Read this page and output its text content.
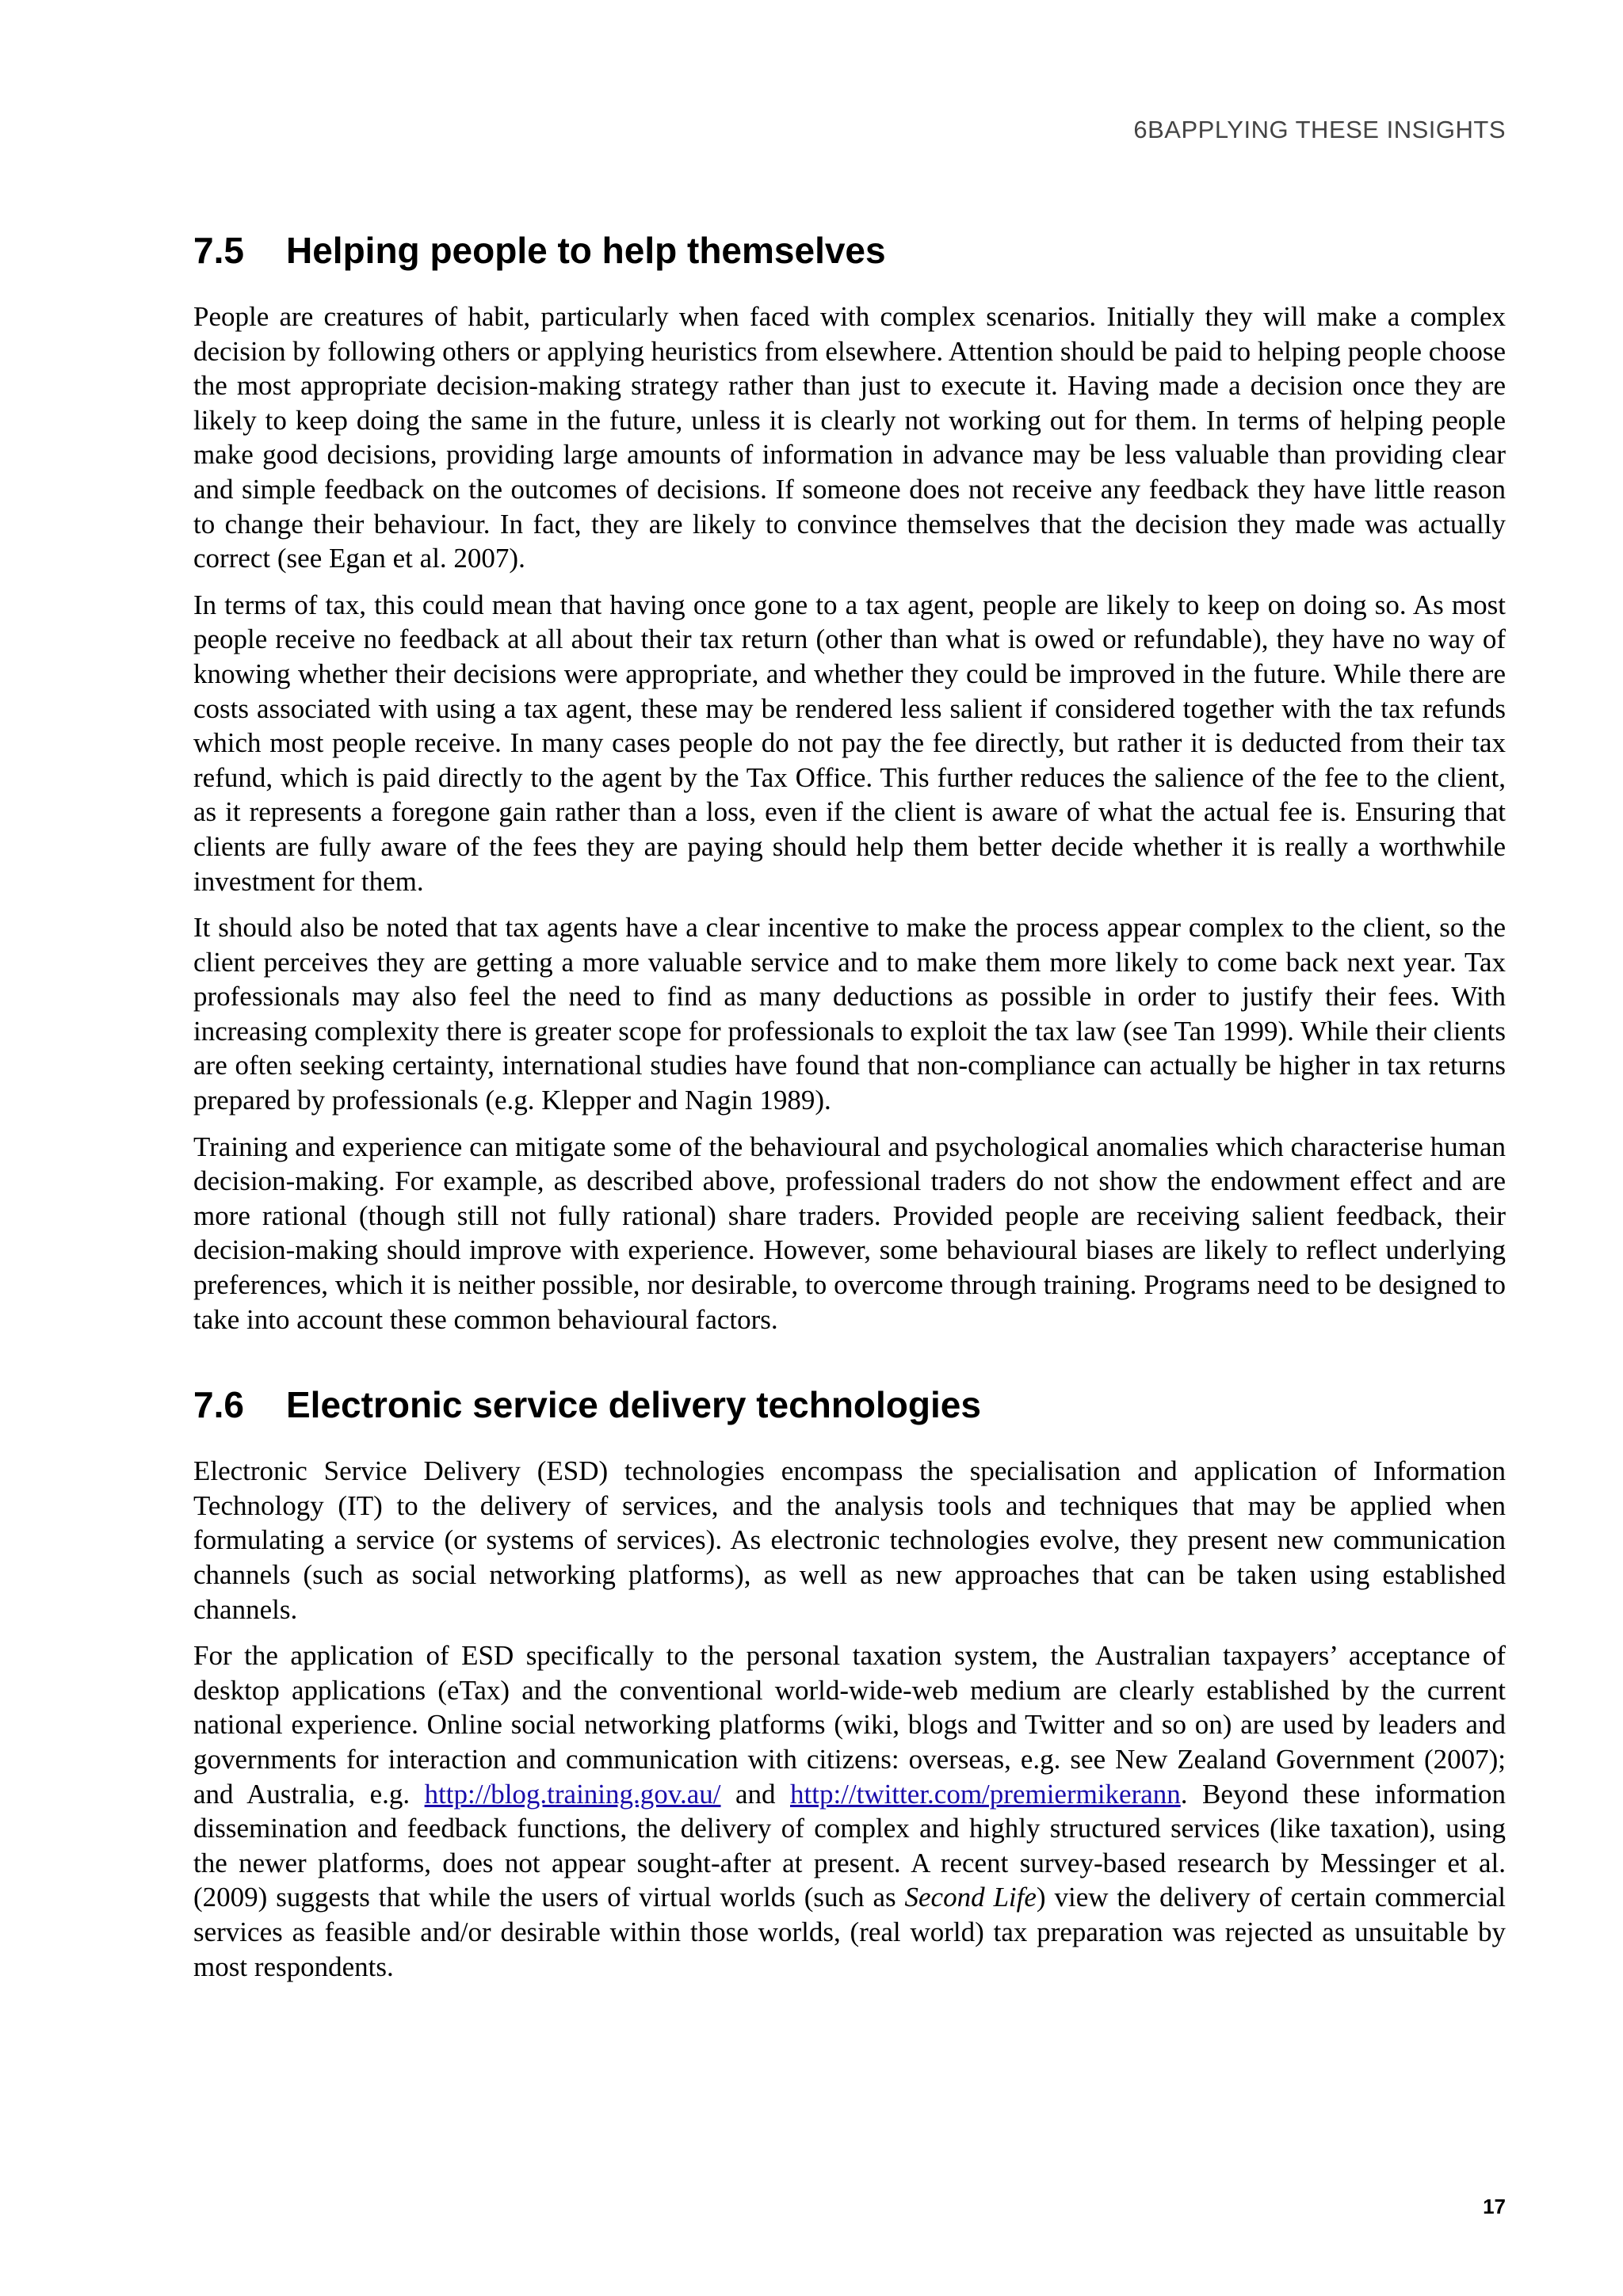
6BAPPLYING THESE INSIGHTS
7.5	Helping people to help themselves

People are creatures of habit, particularly when faced with complex scenarios. Initially they will make a complex decision by following others or applying heuristics from elsewhere. Attention should be paid to helping people choose the most appropriate decision-making strategy rather than just to execute it. Having made a decision once they are likely to keep doing the same in the future, unless it is clearly not working out for them. In terms of helping people make good decisions, providing large amounts of information in advance may be less valuable than providing clear and simple feedback on the outcomes of decisions. If someone does not receive any feedback they have little reason to change their behaviour. In fact, they are likely to convince themselves that the decision they made was actually correct (see Egan et al. 2007).

In terms of tax, this could mean that having once gone to a tax agent, people are likely to keep on doing so. As most people receive no feedback at all about their tax return (other than what is owed or refundable), they have no way of knowing whether their decisions were appropriate, and whether they could be improved in the future. While there are costs associated with using a tax agent, these may be rendered less salient if considered together with the tax refunds which most people receive. In many cases people do not pay the fee directly, but rather it is deducted from their tax refund, which is paid directly to the agent by the Tax Office. This further reduces the salience of the fee to the client, as it represents a foregone gain rather than a loss, even if the client is aware of what the actual fee is. Ensuring that clients are fully aware of the fees they are paying should help them better decide whether it is really a worthwhile investment for them.

It should also be noted that tax agents have a clear incentive to make the process appear complex to the client, so the client perceives they are getting a more valuable service and to make them more likely to come back next year. Tax professionals may also feel the need to find as many deductions as possible in order to justify their fees. With increasing complexity there is greater scope for professionals to exploit the tax law (see Tan 1999). While their clients are often seeking certainty, international studies have found that non-compliance can actually be higher in tax returns prepared by professionals (e.g. Klepper and Nagin 1989).

Training and experience can mitigate some of the behavioural and psychological anomalies which characterise human decision-making. For example, as described above, professional traders do not show the endowment effect and are more rational (though still not fully rational) share traders. Provided people are receiving salient feedback, their decision-making should improve with experience. However, some behavioural biases are likely to reflect underlying preferences, which it is neither possible, nor desirable, to overcome through training. Programs need to be designed to take into account these common behavioural factors.

7.6	Electronic service delivery technologies

Electronic Service Delivery (ESD) technologies encompass the specialisation and application of Information Technology (IT) to the delivery of services, and the analysis tools and techniques that may be applied when formulating a service (or systems of services). As electronic technologies evolve, they present new communication channels (such as social networking platforms), as well as new approaches that can be taken using established channels.

For the application of ESD specifically to the personal taxation system, the Australian taxpayers’ acceptance of desktop applications (eTax) and the conventional world-wide-web medium are clearly established by the current national experience. Online social networking platforms (wiki, blogs and Twitter and so on) are used by leaders and governments for interaction and communication with citizens: overseas, e.g. see New Zealand Government (2007); and Australia, e.g. http://blog.training.gov.au/ and http://twitter.com/premiermikerann. Beyond these information dissemination and feedback functions, the delivery of complex and highly structured services (like taxation), using the newer platforms, does not appear sought-after at present. A recent survey-based research by Messinger et al. (2009) suggests that while the users of virtual worlds (such as Second Life) view the delivery of certain commercial services as feasible and/or desirable within those worlds, (real world) tax preparation was rejected as unsuitable by most respondents.

17
